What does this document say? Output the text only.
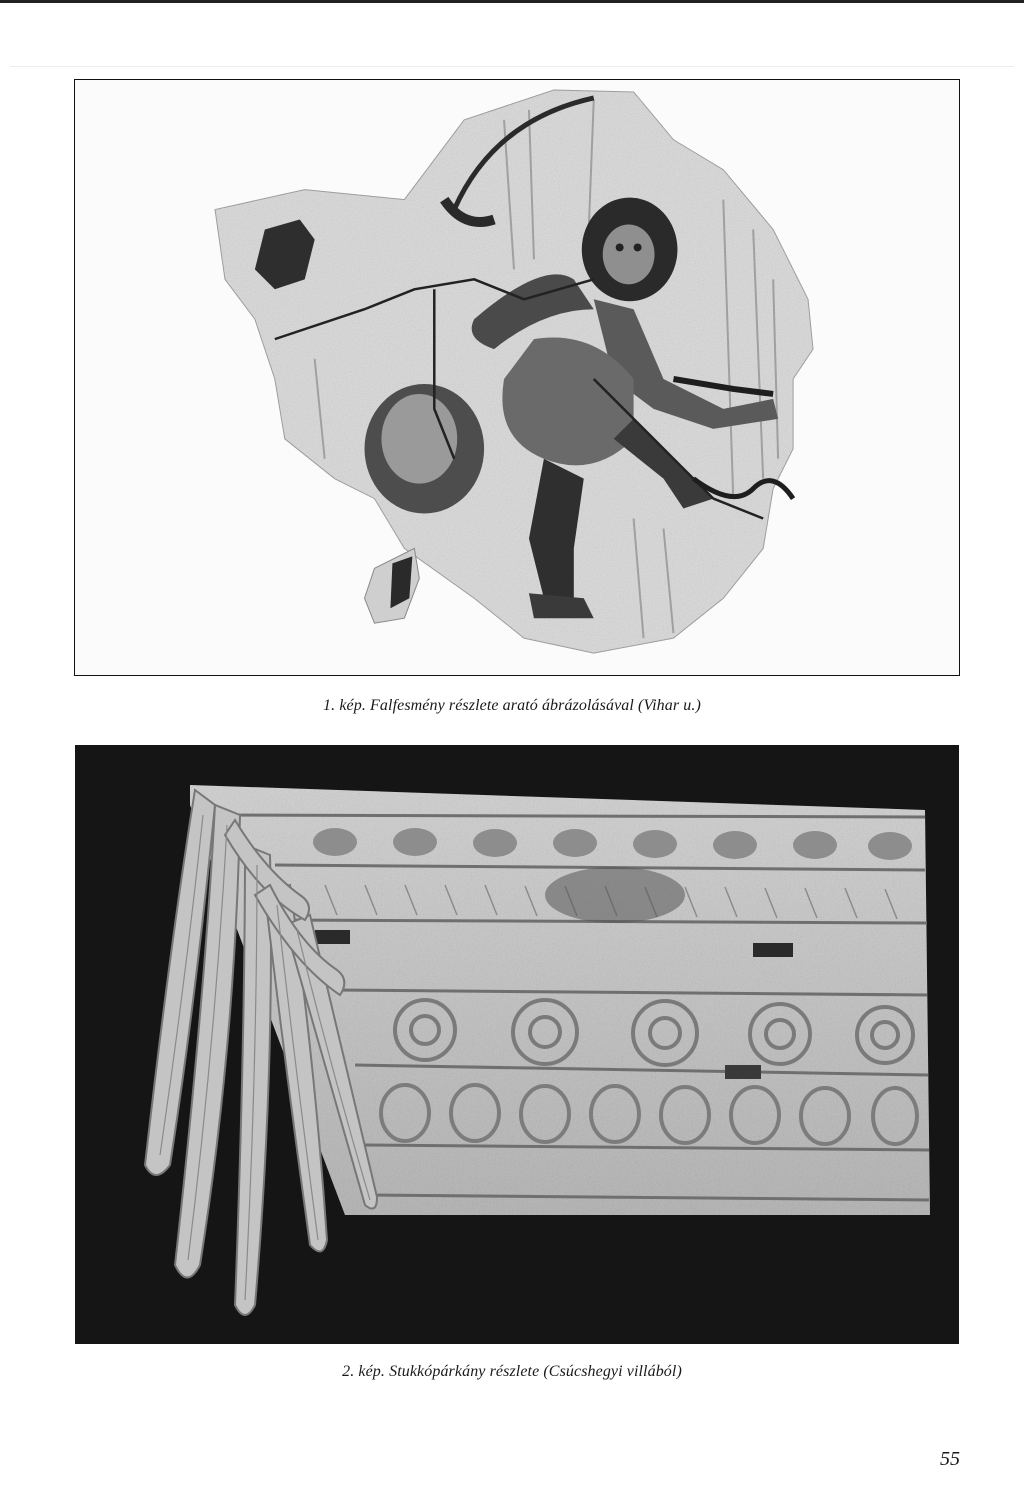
1. kép. Falfesmény részlete arató ábrázolásával (Vihar u.)
2. kép. Stukkópárkány részlete (Csúcshegyi villából)
55
